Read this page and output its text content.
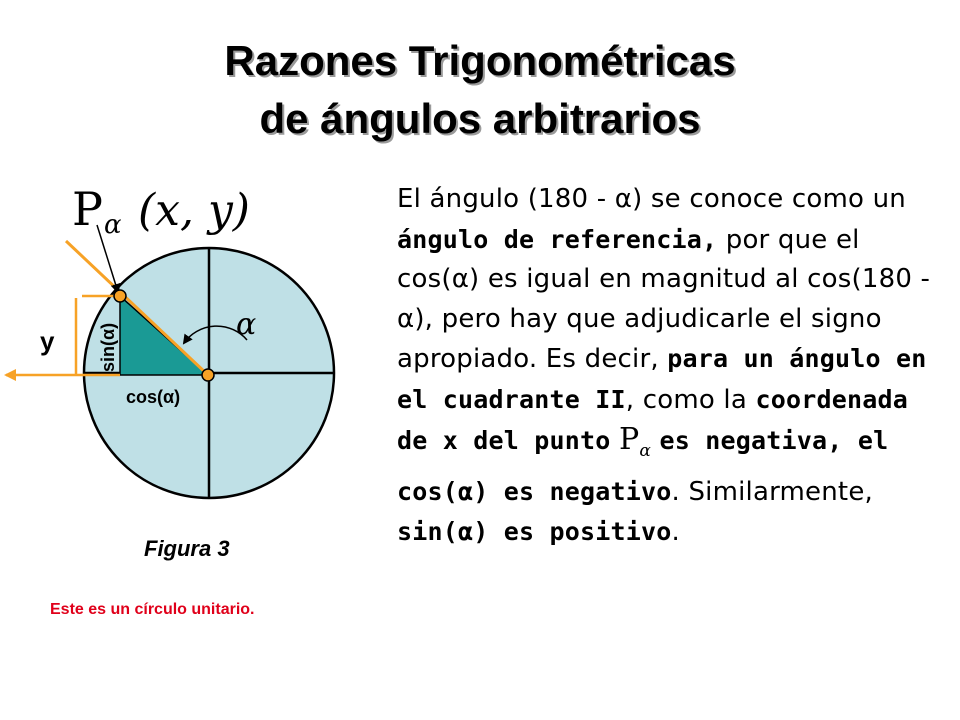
Razones Trigonométricas
de ángulos arbitrarios
P α (x, y)
α
y sin(α)
cos(α)
Figura 3
Este es un círculo unitario.
El ángulo (180 - α) se conoce como un ángulo de referencia, por que el cos(α) es igual en magnitud al cos(180 - α), pero hay que adjudicarle el signo apropiado. Es decir, para un ángulo en el cuadrante II, como la coordenada de x del punto $P_\alpha$ es negativa, el cos(α) es negativo. Similarmente, sin(α) es positivo.
